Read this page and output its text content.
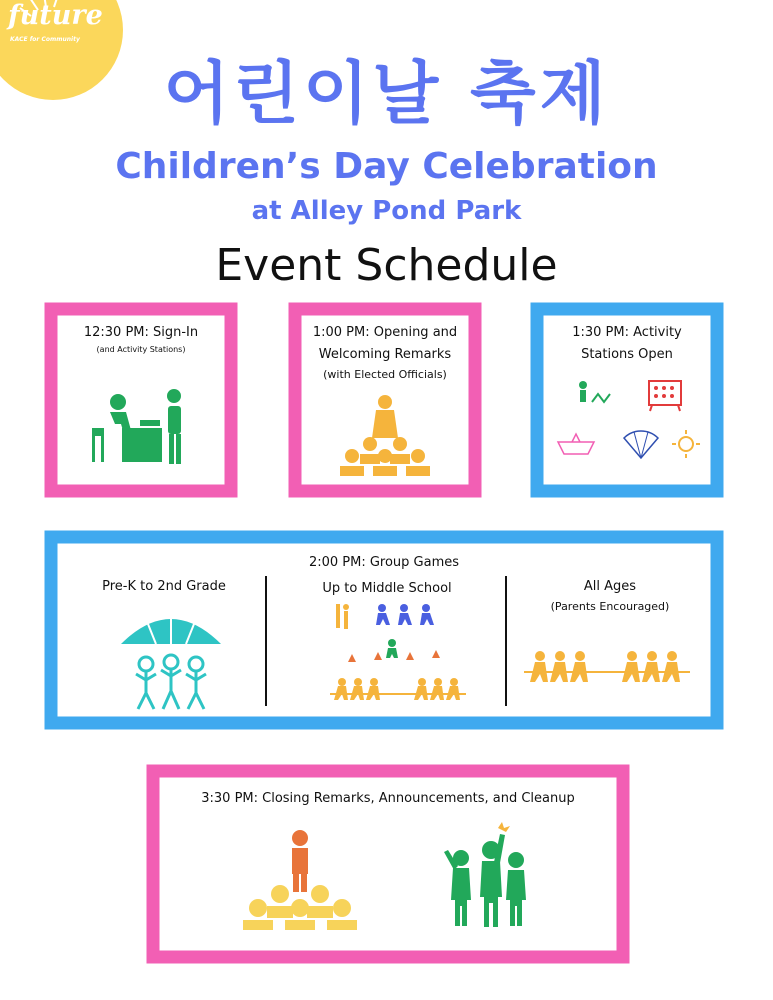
future
KACE for Community
어린이날 축제
Children’s Day Celebration
at Alley Pond Park
Event Schedule
12:30 PM: Sign-In
(and Activity Stations)
1:00 PM: Opening and
Welcoming Remarks
(with Elected Officials)
1:30 PM: Activity
Stations Open
2:00 PM: Group Games
Pre-K to 2nd Grade	Up to Middle School	All Ages
(Parents Encouraged)
3:30 PM: Closing Remarks, Announcements, and Cleanup
